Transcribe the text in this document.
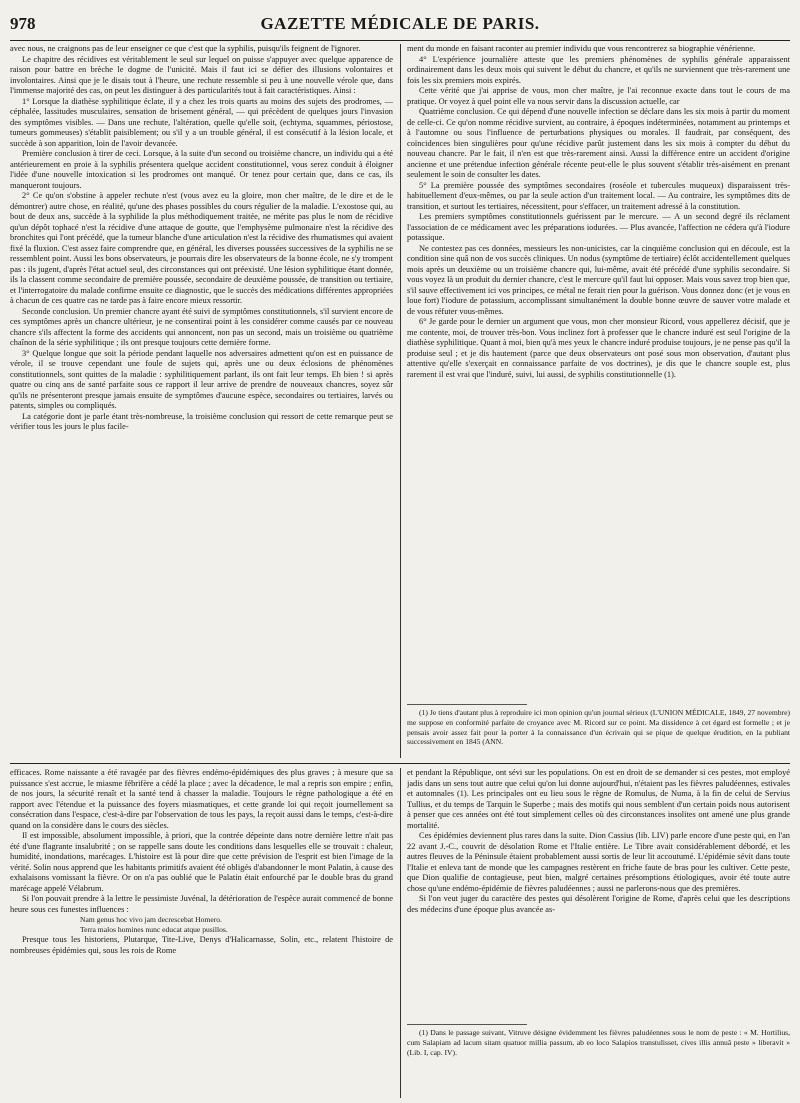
978	GAZETTE MÉDICALE DE PARIS.

avec nous, ne craignons pas de leur enseigner ce que c'est que la syphilis, puisqu'ils feignent de l'ignorer.

Le chapitre des récidives est véritablement le seul sur lequel on puisse s'appuyer avec quelque apparence de raison pour battre en brèche le dogme de l'unicité. Mais il faut ici se défier des illusions volontaires et involontaires. Ainsi que je le disais tout à l'heure, une rechute ressemble si peu à une nouvelle vérole que, dans l'immense majorité des cas, on peut les distinguer à des particularités tout à fait caractéristiques. Ainsi :

1° Lorsque la diathèse syphilitique éclate, il y a chez les trois quarts au moins des sujets des prodromes, —céphalée, lassitudes musculaires, sensation de brisement général, — qui précèdent de quelques jours l'invasion des symptômes visibles. — Dans une rechute, l'altération, quelle qu'elle soit, (echtyma, squammes, périostose, tumeurs gommeuses) s'établit paisiblement; ou s'il y a un trouble général, il est consécutif à la lésion locale, et succède à son apparition, loin de l'avoir devancée.

Première conclusion à tirer de ceci. Lorsque, à la suite d'un second ou troisième chancre, un individu qui a été antérieurement en proie à la syphilis présentera quelque accident constitutionnel, vous serez conduit à éloigner l'idée d'une nouvelle intoxication si les prodromes ont manqué. Or tenez pour certain que, dans ce cas, ils manqueront toujours.

2° Ce qu'on s'obstine à appeler rechute n'est (vous avez eu la gloire, mon cher maître, de le dire et de le démontrer) autre chose, en réalité, qu'une des phases possibles du cours régulier de la maladie. L'exostose qui, au bout de deux ans, succède à la syphilide la plus méthodiquement traitée, ne mérite pas plus le nom de récidive qu'un dépôt tophacé n'est la récidive d'une attaque de goutte, que l'emphysème pulmonaire n'est la récidive des bronchites qui l'ont précédé, que la tumeur blanche d'une articulation n'est la récidive des rhumatismes qui avaient fixé la fluxion. C'est assez faire comprendre que, en général, les diverses poussées successives de la syphilis ne se ressemblent point. Aussi les bons observateurs, je pourrais dire les observateurs de la bonne école, ne s'y trompent pas : ils jugent, d'après l'état actuel seul, des circonstances qui ont préexisté. Une lésion syphilitique étant donnée, ils la classent comme secondaire de première poussée, secondaire de deuxième poussée, de transition ou tertiaire, et l'interrogatoire du malade confirme ensuite ce diagnostic, que le succès des médications différentes appropriées à chacun de ces quatre cas ne tarde pas à faire encore mieux ressortir.

Seconde conclusion. Un premier chancre ayant été suivi de symptômes constitutionnels, s'il survient encore de ces symptômes après un chancre ultérieur, je ne consentirai point à les considérer comme causés par ce nouveau chancre s'ils affectent la forme des accidents qui annoncent, non pas un second, mais un troisième ou quatrième chaînon de la série syphilitique ; ils ont presque toujours cette dernière forme.

3° Quelque longue que soit la période pendant laquelle nos adversaires admettent qu'on est en puissance de vérole, il se trouve cependant une foule de sujets qui, après une ou deux éclosions de phénomènes constitutionnels, sont quittes de la maladie : syphilitiquement parlant, ils ont fait leur temps. Eh bien ! si après quatre ou cinq ans de santé parfaite sous ce rapport il leur arrive de prendre de nouveaux chancres, soyez sûr qu'ils ne présenteront presque jamais ensuite de symptômes d'aucune espèce, secondaires ou tertiaires, larvés ou patents, simples ou compliqués.

La catégorie dont je parle étant très-nombreuse, la troisième conclusion qui ressort de cette remarque peut se vérifier tous les jours le plus facile-

ment du monde en faisant raconter au premier individu que vous rencontrerez sa biographie vénérienne.

4° L'expérience journalière atteste que les premiers phénomènes de syphilis générale apparaissent ordinairement dans les deux mois qui suivent le début du chancre, et qu'ils ne surviennent que très-rarement une fois les six premiers mois expirés.

Cette vérité que j'ai apprise de vous, mon cher maître, je l'ai reconnue exacte dans tout le cours de ma pratique. Or voyez à quel point elle va nous servir dans la discussion actuelle, car

Quatrième conclusion. Ce qui dépend d'une nouvelle infection se déclare dans les six mois à partir du moment de celle-ci. Ce qu'on nomme récidive survient, au contraire, à époques indéterminées, notamment au printemps et à l'automne ou sous l'influence de perturbations physiques ou morales. Il faudrait, par conséquent, des coïncidences bien singulières pour qu'une récidive parût justement dans les six mois à compter du début du nouveau chancre. Par le fait, il n'en est que très-rarement ainsi. Aussi la différence entre un accident d'origine ancienne et une prétendue infection générale récente peut-elle le plus souvent s'établir très-aisément en prenant seulement le soin de consulter les dates.

5° La première poussée des symptômes secondaires (roséole et tubercules muqueux) disparaissent très-habituellement d'eux-mêmes, ou par la seule action d'un traitement local. — Au contraire, les symptômes dits de transition, et surtout les tertiaires, nécessitent, pour s'effacer, un traitement adressé à la constitution.

Les premiers symptômes constitutionnels guérissent par le mercure. — A un second degré ils réclament l'association de ce médicament avec les préparations iodurées. — Plus avancée, l'affection ne cédera qu'à l'iodure potassique.

Ne contestez pas ces données, messieurs les non-unicistes, car la cinquième conclusion qui en découle, est la condition sine quâ non de vos succès cliniques. Un nodus (symptôme de tertiaire) éclôt accidentellement quelques mois après un deuxième ou un troisième chancre qui, lui-même, avait été précédé d'une syphilis secondaire. Si vous voyez là un produit du dernier chancre, c'est le mercure qu'il faut lui opposer. Mais vous savez trop bien que, s'il sauve effectivement ici vos principes, ce métal ne ferait rien pour la guérison. Vous donnez donc (et je vous en loue fort) l'iodure de potassium, accomplissant simultanément la double bonne œuvre de sauver votre malade et de vous réfuter vous-mêmes.

6° Je garde pour le dernier un argument que vous, mon cher monsieur Ricord, vous appellerez décisif, que je me contente, moi, de trouver très-bon. Vous inclinez fort à professer que le chancre induré est seul l'origine de la diathèse syphilitique. Quant à moi, bien qu'à mes yeux le chancre induré produise toujours, je ne pense pas qu'il la produise seul ; et je dis hautement (parce que deux observateurs ont posé sous mon observation, d'autant plus attentive qu'elle s'exerçait en connaissance parfaite de vos doctrines), je dis que le chancre souple est, plus rarement il est vrai que l'induré, suivi, lui aussi, de syphilis constitutionnelle (1).

(1) Je tiens d'autant plus à reproduire ici mon opinion qu'un journal sérieux (L'UNION MÉDICALE, 1849, 27 novembre) me suppose en conformité parfaite de croyance avec M. Ricord sur ce point. Ma dissidence à cet égard est formelle ; et je pensais avoir assez fait pour la porter à la connaissance d'un écrivain qui se pique de quelque érudition, en la publiant successivement en 1845 (ANN.

efficaces. Rome naissante a été ravagée par des fièvres endémo-épidémiques des plus graves ; à mesure que sa puissance s'est accrue, le miasme fébrifère a cédé la place ; avec la décadence, le mal a repris son empire ; enfin, de nos jours, la sécurité renaît et la santé tend à chasser la maladie. Toujours le règne pathologique a été en rapport avec l'étendue et la puissance des foyers miasmatiques, et cette grande loi qui reçoit journellement sa consécration dans l'espace, c'est-à-dire par l'observation de tous les pays, la reçoit aussi dans le temps, c'est-à-dire quand on la considère dans le cours des siècles.

Il est impossible, absolument impossible, à priori, que la contrée dépeinte dans notre dernière lettre n'ait pas été d'une flagrante insalubrité ; on se rappelle sans doute les conditions dans lesquelles elle se trouvait : chaleur, humidité, inondations, marécages. L'histoire est là pour dire que cette prévision de l'esprit est bien l'image de la vérité. Solin nous apprend que les habitants primitifs avaient été obligés d'abandonner le mont Palatin, à cause des exhalaisons vomissant la fièvre. Or on n'a pas oublié que le Palatin était enfourché par le double bras du grand marécage appelé Vélabrum.

Si l'on pouvait prendre à la lettre le pessimiste Juvénal, la détérioration de l'espèce aurait commencé de bonne heure sous ces funestes influences :

Nam genus hoc vivo jam decrescebat Homero.

Terra malos homines nunc educat atque pusillos.

Presque tous les historiens, Plutarque, Tite-Live, Denys d'Halicarnasse, Solin, etc., relatent l'histoire de nombreuses épidémies qui, sous les rois de Rome

et pendant la République, ont sévi sur les populations. On est en droit de se demander si ces pestes, mot employé jadis dans un sens tout autre que celui qu'on lui donne aujourd'hui, n'étaient pas les fièvres paludéennes, estivales et automnales (1). Les principales ont eu lieu sous le règne de Romulus, de Numa, à la fin de celui de Servius Tullius, et du temps de Tarquin le Superbe ; mais des motifs qui nous semblent d'un certain poids nous autorisent à penser que ces années ont été tout simplement celles où des circonstances insolites ont amené une plus grande mortalité.

Ces épidémies deviennent plus rares dans la suite. Dion Cassius (lib. LIV) parle encore d'une peste qui, en l'an 22 avant J.-C., couvrit de désolation Rome et l'Italie entière. Le Tibre avait considérablement débordé, et les autres fleuves de la Péninsule étaient probablement aussi sortis de leur lit accoutumé. L'épidémie sévit dans toute l'Italie et enleva tant de monde que les campagnes restèrent en friche faute de bras pour les cultiver. Cette peste, que Dion qualifie de contagieuse, peut bien, malgré certaines présomptions étiologiques, avoir été toute autre chose qu'une endémo-épidémie de fièvres paludéennes ; aussi ne parlerons-nous que des premières.

Si l'on veut juger du caractère des pestes qui désolèrent l'origine de Rome, d'après celui que les descriptions des médecins d'une époque plus avancée as-

(1) Dans le passage suivant, Vitruve désigne évidemment les fièvres paludéennes sous le nom de peste : « M. Hortilius, cum Salapiam ad lacum sitam quatuor millia passum, ab eo loco Salapios transtulisset, cives illis annuâ peste » liberavit » (Lib. I, cap. IV).
